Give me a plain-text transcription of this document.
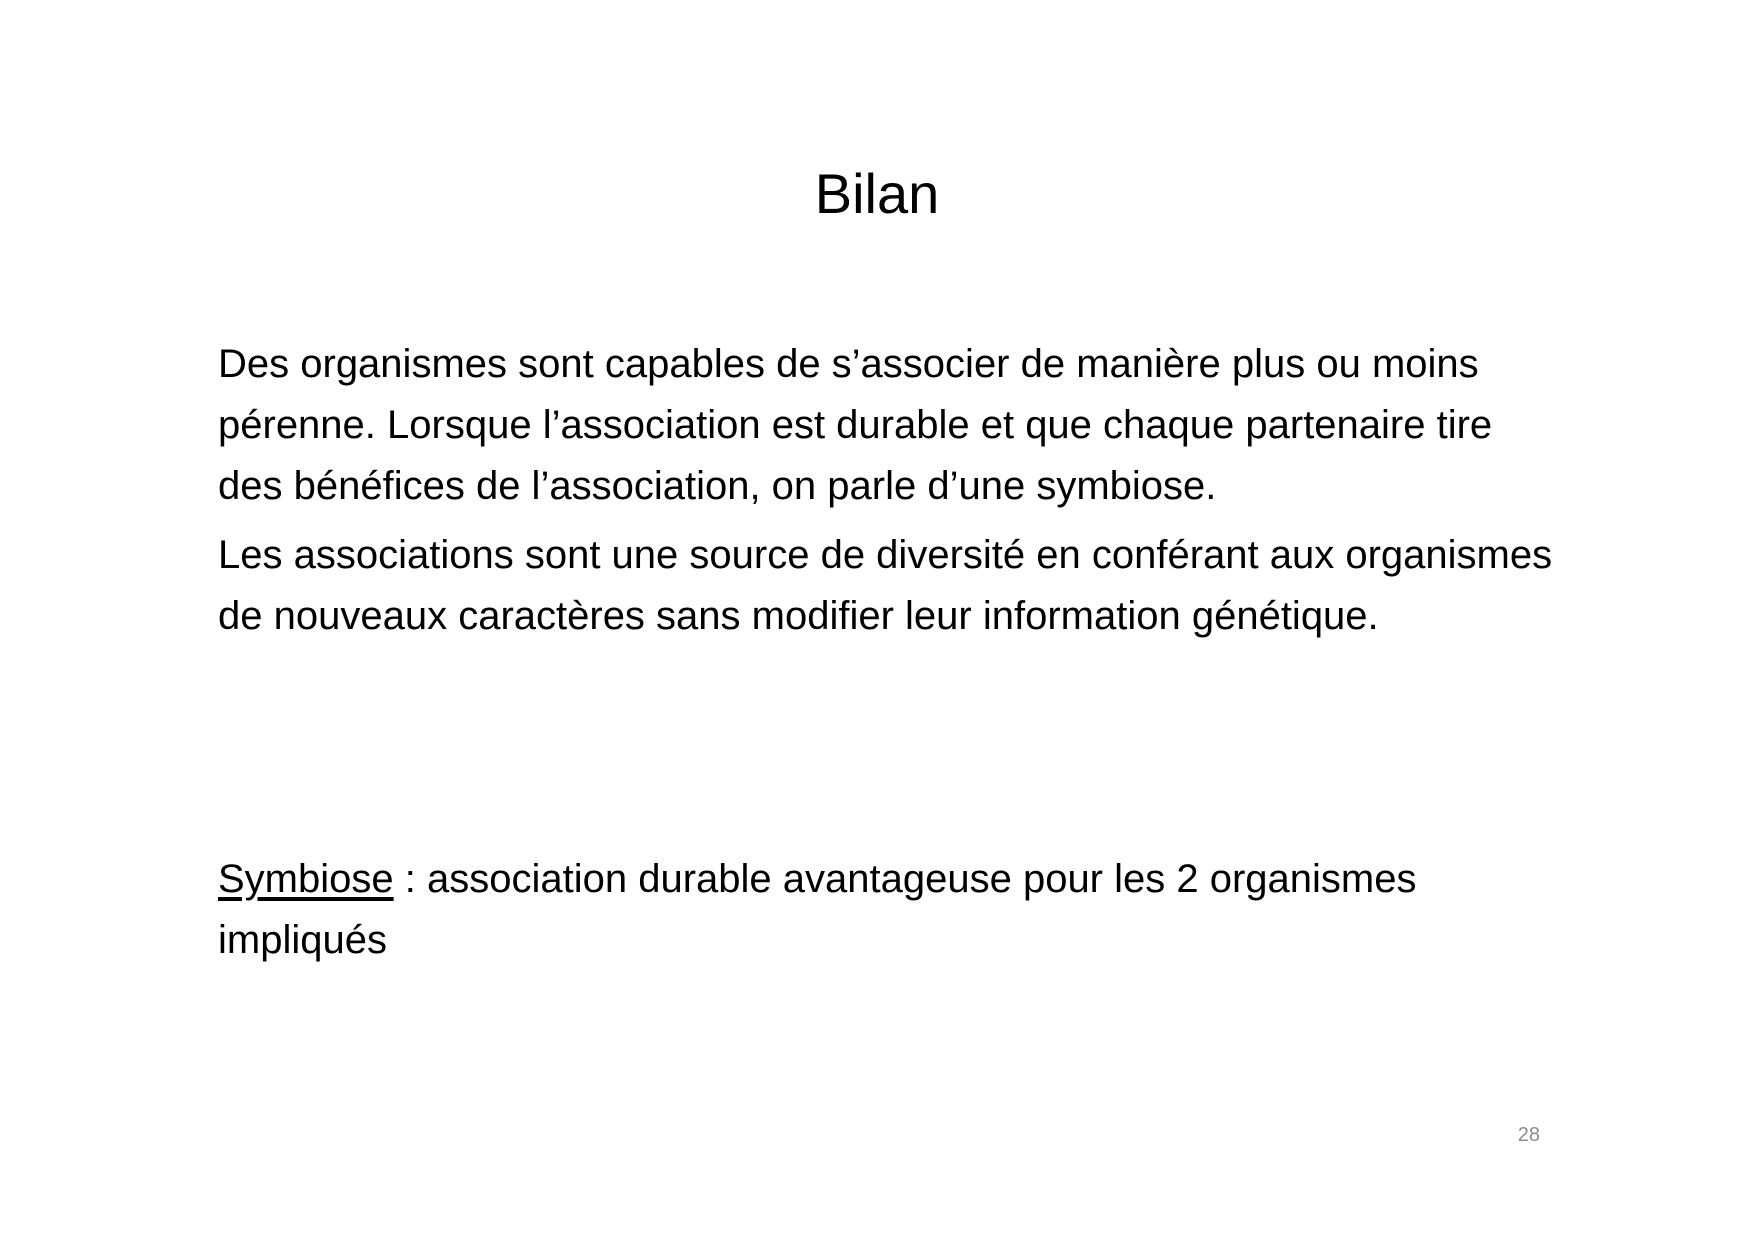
Bilan

Des organismes sont capables de s’associer de manière plus ou moins pérenne. Lorsque l’association est durable et que chaque partenaire tire des bénéfices de l’association, on parle d’une symbiose.

Les associations sont une source de diversité en conférant aux organismes de nouveaux caractères sans modifier leur information génétique.

Symbiose : association durable avantageuse pour les 2 organismes impliqués

28
